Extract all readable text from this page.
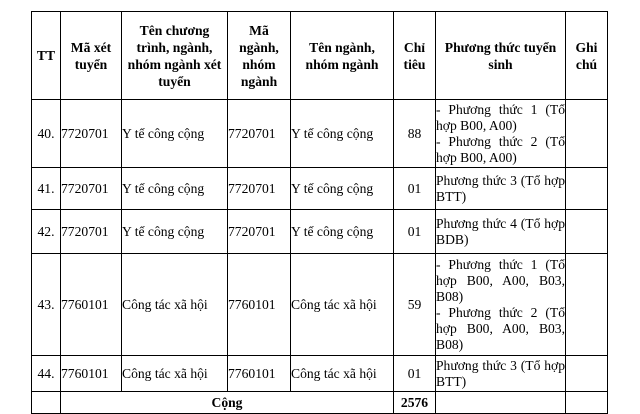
TT	Mã xét tuyển	Tên chương trình, ngành, nhóm ngành xét tuyển	Mã ngành, nhóm ngành	Tên ngành, nhóm ngành	Chỉ tiêu	Phương thức tuyển sinh	Ghi chú
40.	7720701	Y tế công cộng	7720701	Y tế công cộng	88	- Phương thức 1 (Tổ hợp B00, A00)
- Phương thức 2 (Tổ hợp B00, A00)	

41.	7720701	Y tế công cộng	7720701	Y tế công cộng	01	Phương thức 3 (Tổ hợp BTT)	

42.	7720701	Y tế công cộng	7720701	Y tế công cộng	01	Phương thức 4 (Tổ hợp BDB)	

43.	7760101	Công tác xã hội	7760101	Công tác xã hội	59	- Phương thức 1 (Tổ hợp B00, A00, B03, B08)
- Phương thức 2 (Tổ hợp B00, A00, B03, B08)	

44.	7760101	Công tác xã hội	7760101	Công tác xã hội	01	Phương thức 3 (Tổ hợp BTT)	

	Cộng				2576		
